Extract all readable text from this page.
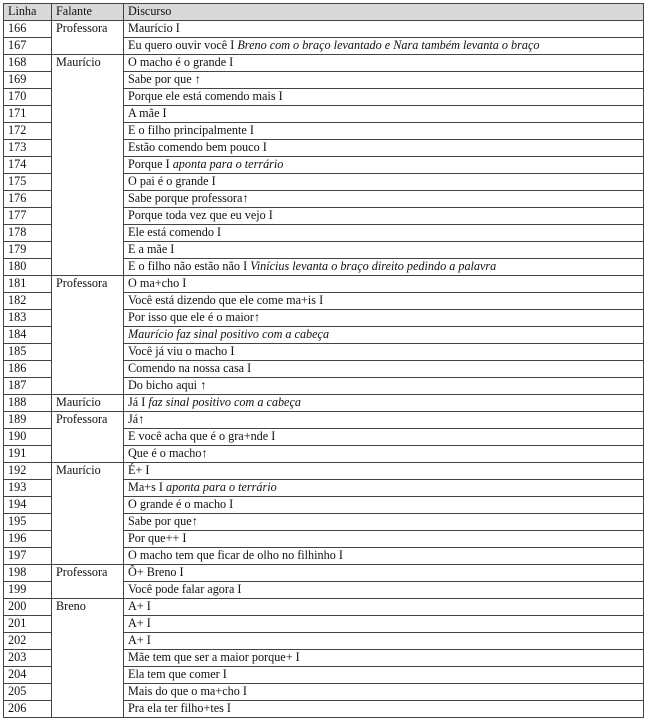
Linha	Falante	Discurso
166	Professora	Maurício I
167		Eu quero ouvir você I Breno com o braço levantado e Nara também levanta o braço
168	Maurício	O macho é o grande I
169		Sabe por que ↑
170		Porque ele está comendo mais I
171		A mãe I
172		E o filho principalmente I
173		Estão comendo bem pouco I
174		Porque I aponta para o terrário
175		O pai é o grande I
176		Sabe porque professora↑
177		Porque toda vez que eu vejo I
178		Ele está comendo I
179		E a mãe I
180		E o filho não estão não I Vinícius levanta o braço direito pedindo a palavra
181	Professora	O ma+cho I
182		Você está dizendo que ele come ma+is I
183		Por isso que ele é o maior↑
184		Maurício faz sinal positivo com a cabeça
185		Você já viu o macho I
186		Comendo na nossa casa I
187		Do bicho aqui ↑
188	Maurício	Já I faz sinal positivo com a cabeça
189	Professora	Já↑
190		E você acha que é o gra+nde I
191		Que é o macho↑
192	Maurício	É+ I
193		Ma+s I aponta para o terrário
194		O grande é o macho I
195		Sabe por que↑
196		Por que++ I
197		O macho tem que ficar de olho no filhinho I
198	Professora	Ô+ Breno I
199		Você pode falar agora I
200	Breno	A+ I
201		A+ I
202		A+ I
203		Mãe tem que ser a maior porque+ I
204		Ela tem que comer I
205		Mais do que o ma+cho I
206		Pra ela ter filho+tes I
